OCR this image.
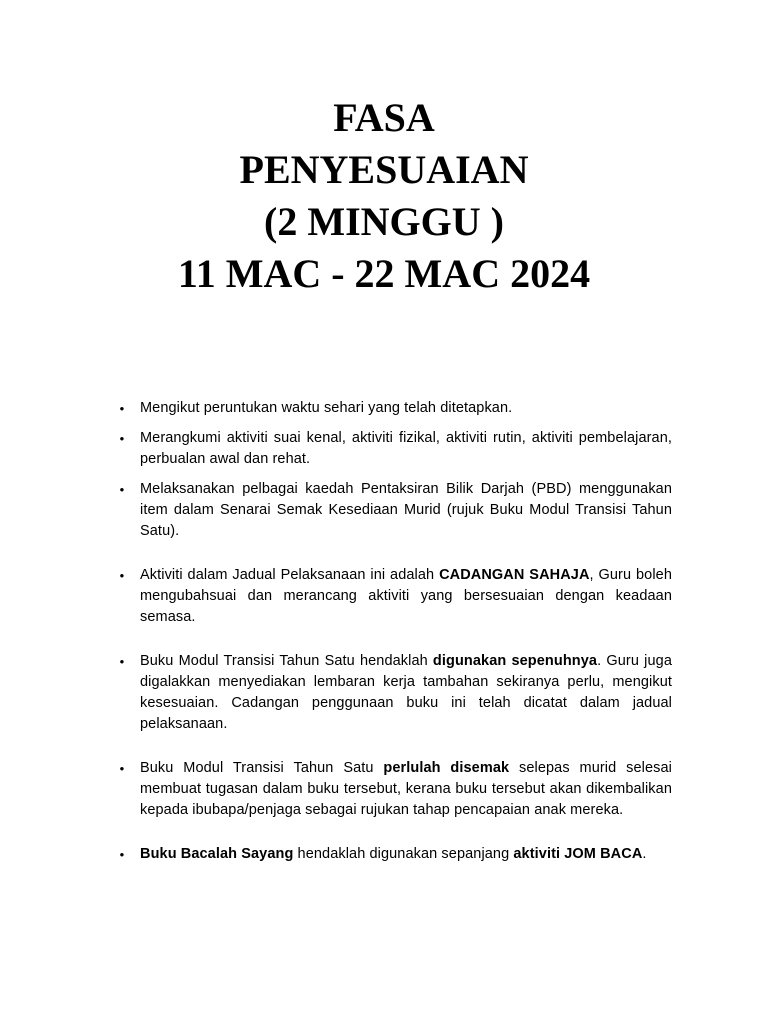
FASA
PENYESUAIAN
(2 MINGGU )
11 MAC - 22 MAC 2024
• Mengikut peruntukan waktu sehari yang telah ditetapkan.
• Merangkumi aktiviti suai kenal, aktiviti fizikal, aktiviti rutin, aktiviti pembelajaran, perbualan awal dan rehat.
• Melaksanakan pelbagai kaedah Pentaksiran Bilik Darjah (PBD) menggunakan item dalam Senarai Semak Kesediaan Murid (rujuk Buku Modul Transisi Tahun Satu).
• Aktiviti dalam Jadual Pelaksanaan ini adalah CADANGAN SAHAJA, Guru boleh mengubahsuai dan merancang aktiviti yang bersesuaian dengan keadaan semasa.
• Buku Modul Transisi Tahun Satu hendaklah digunakan sepenuhnya. Guru juga digalakkan menyediakan lembaran kerja tambahan sekiranya perlu, mengikut kesesuaian. Cadangan penggunaan buku ini telah dicatat dalam jadual pelaksanaan.
• Buku Modul Transisi Tahun Satu perlulah disemak selepas murid selesai membuat tugasan dalam buku tersebut, kerana buku tersebut akan dikembalikan kepada ibubapa/penjaga sebagai rujukan tahap pencapaian anak mereka.
• Buku Bacalah Sayang hendaklah digunakan sepanjang aktiviti JOM BACA.
